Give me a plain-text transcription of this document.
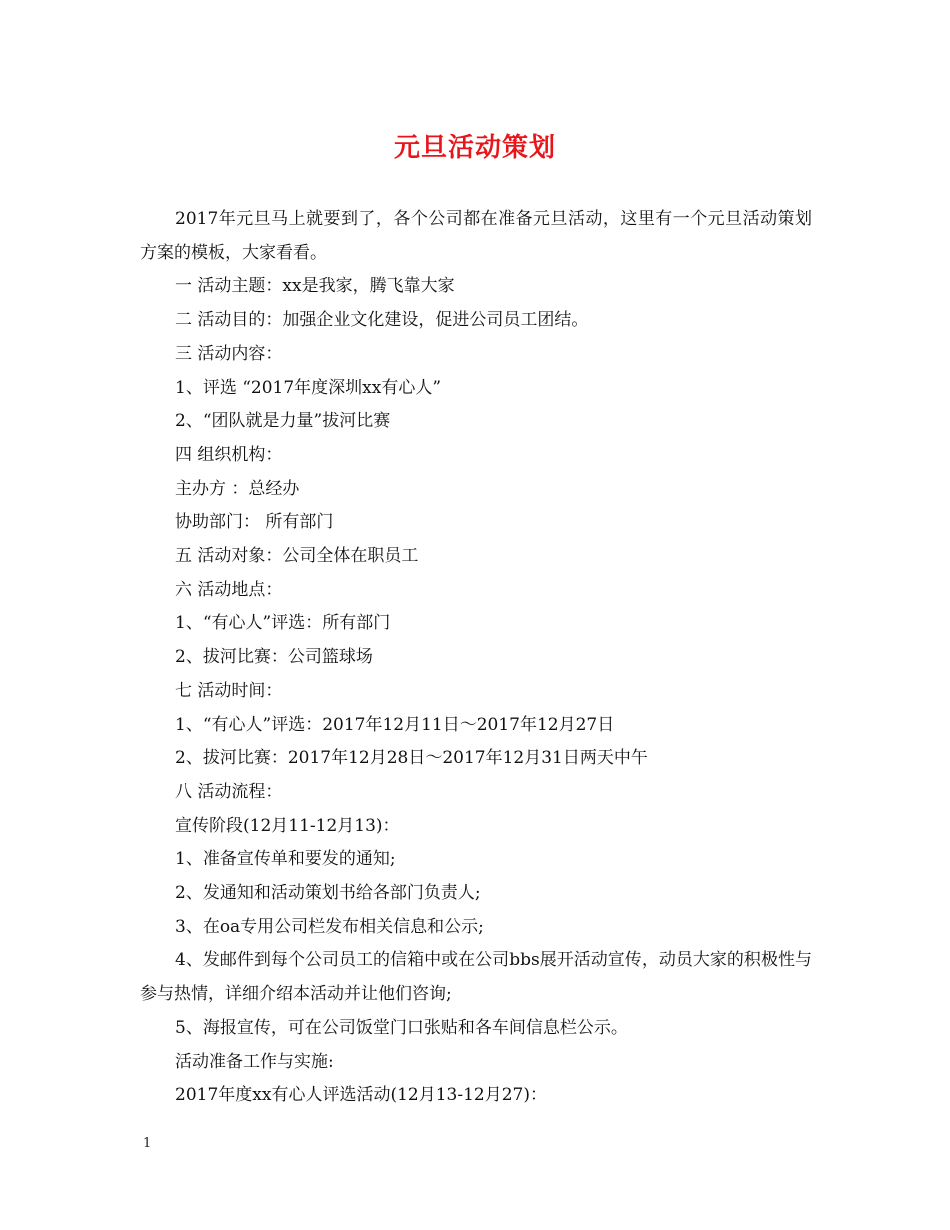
元旦活动策划

2017年元旦马上就要到了，各个公司都在准备元旦活动，这里有一个元旦活动策划方案的模板，大家看看。

一 活动主题：xx是我家，腾飞靠大家

二 活动目的：加强企业文化建设，促进公司员工团结。

三 活动内容：

1、评选 “2017年度深圳xx有心人”

2、“团队就是力量”拔河比赛

四 组织机构：

主办方 ：总经办

协助部门： 所有部门

五 活动对象：公司全体在职员工

六 活动地点：

1、“有心人”评选：所有部门

2、拔河比赛：公司篮球场

七 活动时间：

1、“有心人”评选：2017年12月11日～2017年12月27日

2、拔河比赛：2017年12月28日～2017年12月31日两天中午

八 活动流程：

宣传阶段(12月11-12月13)：

1、准备宣传单和要发的通知;

2、发通知和活动策划书给各部门负责人;

3、在oa专用公司栏发布相关信息和公示;

4、发邮件到每个公司员工的信箱中或在公司bbs展开活动宣传，动员大家的积极性与参与热情，详细介绍本活动并让他们咨询;

5、海报宣传，可在公司饭堂门口张贴和各车间信息栏公示。

活动准备工作与实施:

2017年度xx有心人评选活动(12月13-12月27)：

1
